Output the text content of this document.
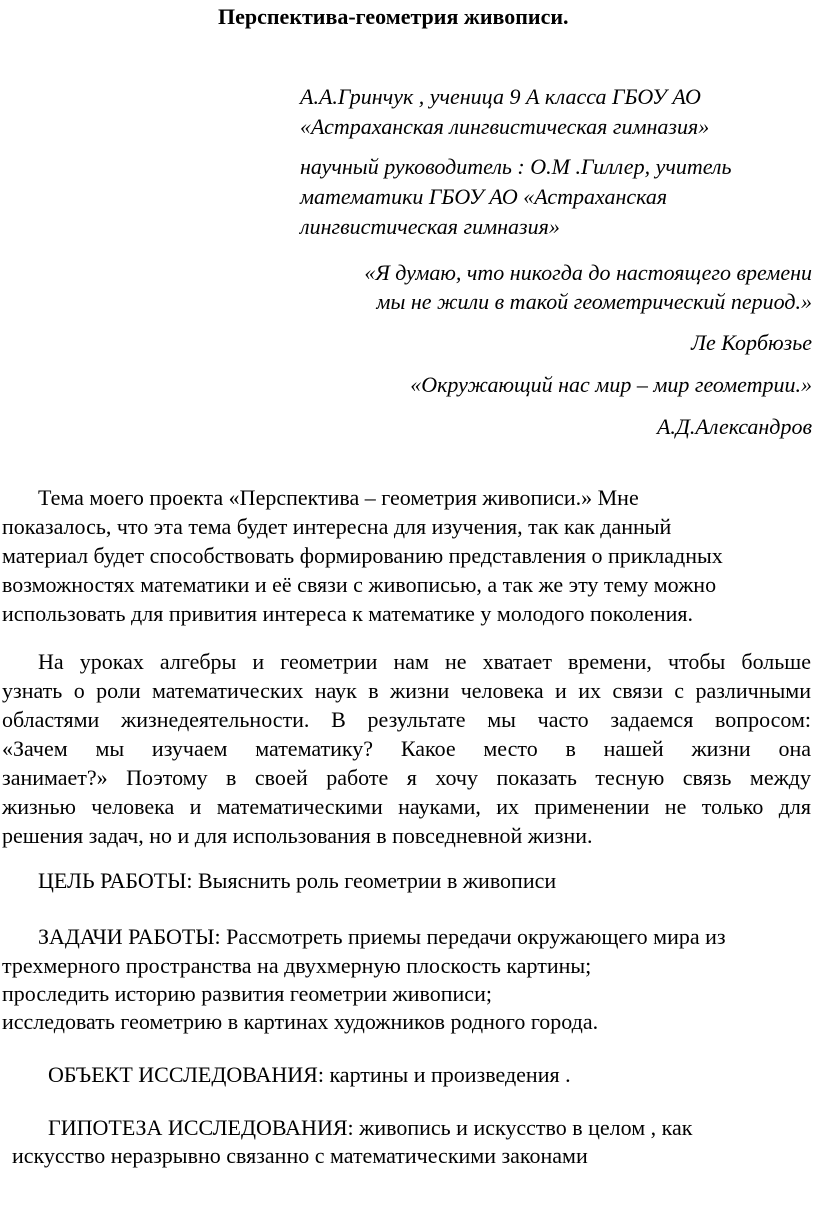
Перспектива-геометрия живописи.
А.А.Гринчук , ученица 9 А класса ГБОУ АО
«Астраханская лингвистическая гимназия»
научный руководитель : О.М .Гиллер, учитель
математики ГБОУ АО «Астраханская
лингвистическая гимназия»
«Я думаю, что никогда до настоящего времени
мы не жили в такой геометрический период.»
Ле Корбюзье
«Окружающий нас мир – мир геометрии.»
А.Д.Александров
Тема моего проекта «Перспектива – геометрия живописи.» Мне
показалось, что эта тема будет интересна для изучения, так как данный
материал будет способствовать формированию представления о прикладных
возможностях математики и её связи с живописью, а так же эту тему можно
использовать для привития интереса к математике у молодого поколения.
На уроках алгебры и геометрии нам не хватает времени, чтобы больше
узнать о роли математических наук в жизни человека и их связи с различными
областями жизнедеятельности. В результате мы часто задаемся вопросом:
«Зачем мы изучаем математику? Какое место в нашей жизни она
занимает?» Поэтому в своей работе я хочу показать тесную связь между
жизнью человека и математическими науками, их применении не только для
решения задач, но и для использования в повседневной жизни.
ЦЕЛЬ РАБОТЫ: Выяснить роль геометрии в живописи
ЗАДАЧИ РАБОТЫ: Рассмотреть приемы передачи окружающего мира из
трехмерного пространства на двухмерную плоскость картины;
проследить историю развития геометрии живописи;
исследовать геометрию в картинах художников родного города.
ОБЪЕКТ ИССЛЕДОВАНИЯ: картины и произведения .
ГИПОТЕЗА ИССЛЕДОВАНИЯ: живопись и искусство в целом , как
искусство неразрывно связанно с математическими законами
